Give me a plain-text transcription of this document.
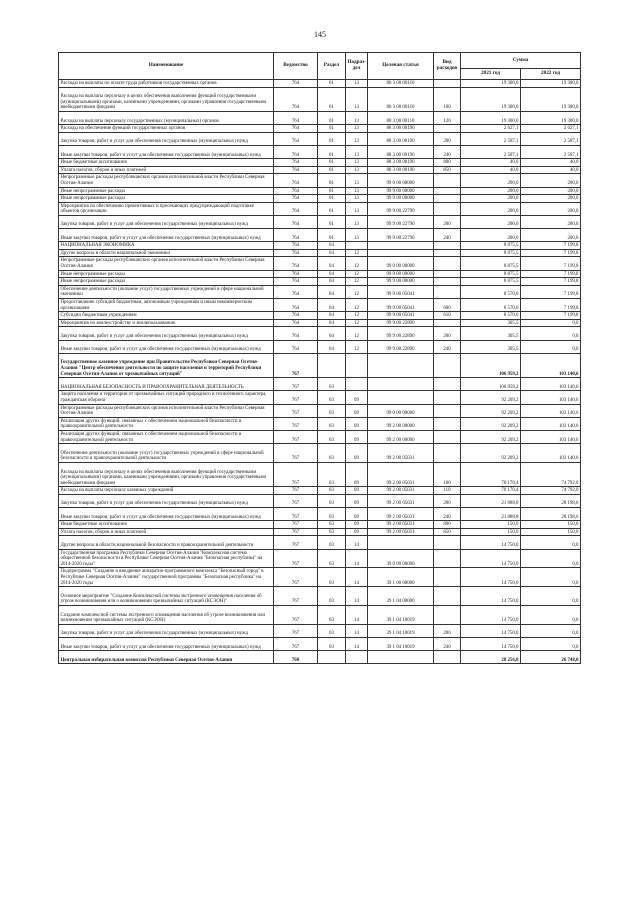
145
Наименование	Ведомство	Раздел	Подраз-дел	Целевая статья	Вид расходов	Сумма	
						2021 год	2022 год
Расходы на выплаты по оплате труда работников государственных органов	764	01	13	88 3 00 00110		19 300,0	19 300,0
Расходы на выплаты персоналу в целях обеспечения выполнения функций государственными (муниципальными) органами, казенными учреждениями, органами управления государственными внебюджетными фондами	764	01	13	88 3 00 00110	100	19 300,0	19 300,0
Расходы на выплаты персоналу государственных (муниципальных) органов	764	01	13	88 3 00 00110	120	19 300,0	19 300,0
Расходы на обеспечение функций государственных органов	764	01	13	88 3 00 00190		2 627,1	2 627,1
Закупка товаров, работ и услуг для обеспечения государственных (муниципальных) нужд	764	01	13	88 3 00 00190	200	2 587,1	2 587,1
Иные закупки товаров, работ и услуг для обеспечения государственных (муниципальных) нужд	764	01	13	88 3 00 00190	240	2 587,1	2 587,1
Иные бюджетные ассигнования	764	01	13	88 3 00 00190	800	40,0	40,0
Уплата налогов, сборов и иных платежей	764	01	13	88 3 00 00190	850	40,0	40,0
Непрограммные расходы республиканских органов исполнительной власти Республики Северная Осетия-Алания	764	01	13	99 0 00 00000		200,0	200,0
Иные непрограммные расходы	764	01	13	99 9 00 00000		200,0	200,0
Иные непрограммные расходы	764	01	13	99 9 00 00000		200,0	200,0
Мероприятия по обеспечению превентивных и пресекающих предупреждающий подготовке объектов организации	764	01	13	99 9 00 22790		200,0	200,0
Закупка товаров, работ и услуг для обеспечения государственных (муниципальных) нужд	764	01	13	99 9 00 22790	200	200,0	200,0
Иные закупки товаров, работ и услуг для обеспечения государственных (муниципальных) нужд	764	01	13	99 9 00 22790	240	200,0	200,0
НАЦИОНАЛЬНАЯ ЭКОНОМИКА	764	04				8 875,5	7 199,8
Другие вопросы в области национальной экономики	764	04	12			8 875,5	7 199,8
Непрограммные расходы республиканских органов исполнительной власти Республики Северная Осетия-Алания	764	04	12	99 0 00 00000		8 875,5	7 199,8
Иные непрограммные расходы	764	04	12	99 9 00 00000		8 875,5	7 199,8
Иные непрограммные расходы	764	04	12	99 9 00 00000		8 875,5	7 199,8
Обеспечение деятельности (оказание услуг) государственных учреждений в сфере национальной экономики	764	04	12	99 9 00 05041		8 570,0	7 199,8
Предоставление субсидий бюджетным, автономным учреждениям и иным некоммерческим организациям	764	04	12	99 9 00 05041	600	8 570,0	7 199,8
Субсидии бюджетным учреждениям	764	04	12	99 9 00 05041	610	8 570,0	7 199,8
Мероприятия по землеустройству и землепользованию	764	04	12	99 9 00 22890		305,5	0,0
Закупка товаров, работ и услуг для обеспечения государственных (муниципальных) нужд	764	04	12	99 9 00 22890	200	305,5	0,0
Иные закупки товаров, работ и услуг для обеспечения государственных (муниципальных) нужд	764	04	12	99 9 00 22890	240	305,5	0,0
Государственное казенное учреждение при Правительстве Республики Северная Осетия-Алания "Центр обеспечения деятельности по защите населения и территорий Республики Северная Осетия-Алания от чрезвычайных ситуаций"	767					106 959,2	103 140,6
НАЦИОНАЛЬНАЯ БЕЗОПАСНОСТЬ И ПРАВООХРАНИТЕЛЬНАЯ ДЕЯТЕЛЬНОСТЬ	767	03				106 959,2	103 140,6
Защита населения и территории от чрезвычайных ситуаций природного и техногенного характера, гражданская оборона	767	03	09			92 209,2	103 140,6
Непрограммные расходы республиканских органов исполнительной власти Республики Северная Осетия-Алания	767	03	09	99 0 00 00000		92 209,2	103 140,6
Реализация других функций, связанных с обеспечением национальной безопасности и правоохранительной деятельности	767	03	09	99 2 00 00000		92 209,2	103 140,6
Реализация других функций, связанных с обеспечением национальной безопасности и правоохранительной деятельности	767	03	09	99 2 00 00000		92 209,2	103 140,6
Обеспечение деятельности (оказание услуг) государственных учреждений в сфере национальной безопасности и правоохранительной деятельности	767	03	09	99 2 00 05031		92 209,2	103 140,6
Расходы на выплаты персоналу в целях обеспечения выполнения функций государственными (муниципальными) органами, казенными учреждениями, органами управления государственными внебюджетными фондами	767	03	09	99 2 00 05031	100	70 170,4	74 792,0
Расходы на выплаты персоналу казенных учреждений	767	03	09	99 2 00 05031	110	70 170,4	74 792,0
Закупка товаров, работ и услуг для обеспечения государственных (муниципальных) нужд	767	03	09	99 2 00 05031	200	21 888,8	28 198,6
Иные закупки товаров, работ и услуг для обеспечения государственных (муниципальных) нужд	767	03	09	99 2 00 05031	240	21 888,8	28 198,6
Иные бюджетные ассигнования	767	03	09	99 2 00 05031	800	150,0	150,0
Уплата налогов, сборов и иных платежей	767	03	09	99 2 00 05031	850	150,0	150,0
Другие вопросы в области национальной безопасности и правоохранительной деятельности	767	03	14			14 750,0	0,0
Государственная программа Республики Северная Осетия-Алания "Комплексная система общественной безопасности в Республике Северная Осетия-Алания "Безопасная республика" на 2014-2020 годы"	767	03	14	39 0 00 00000		14 750,0	0,0
Подпрограмма "Создание и внедрение аппаратно-программного комплекса "Безопасный город" в Республике Северная Осетия-Алания" государственной программы "Безопасная республика" на 2014-2020 годы	767	03	14	39 1 00 00000		14 750,0	0,0
Основное мероприятие "Создание Комплексной системы экстренного оповещения населения об угрозе возникновения или о возникновении чрезвычайных ситуаций (КСЭОН)"	767	03	14	39 1 04 00000		14 750,0	0,0
Создание комплексной системы экстренного оповещения населения об угрозе возникновения или возникновении чрезвычайных ситуаций (КСЭОН)	767	03	14	39 1 04 10019		14 750,0	0,0
Закупка товаров, работ и услуг для обеспечения государственных (муниципальных) нужд	767	03	14	39 1 04 10019	200	14 750,0	0,0
Иные закупки товаров, работ и услуг для обеспечения государственных (муниципальных) нужд	767	03	14	39 1 04 10019	240	14 750,0	0,0
Центральная избирательная комиссия Республики Северная Осетия-Алания	768					28 256,8	26 748,0
